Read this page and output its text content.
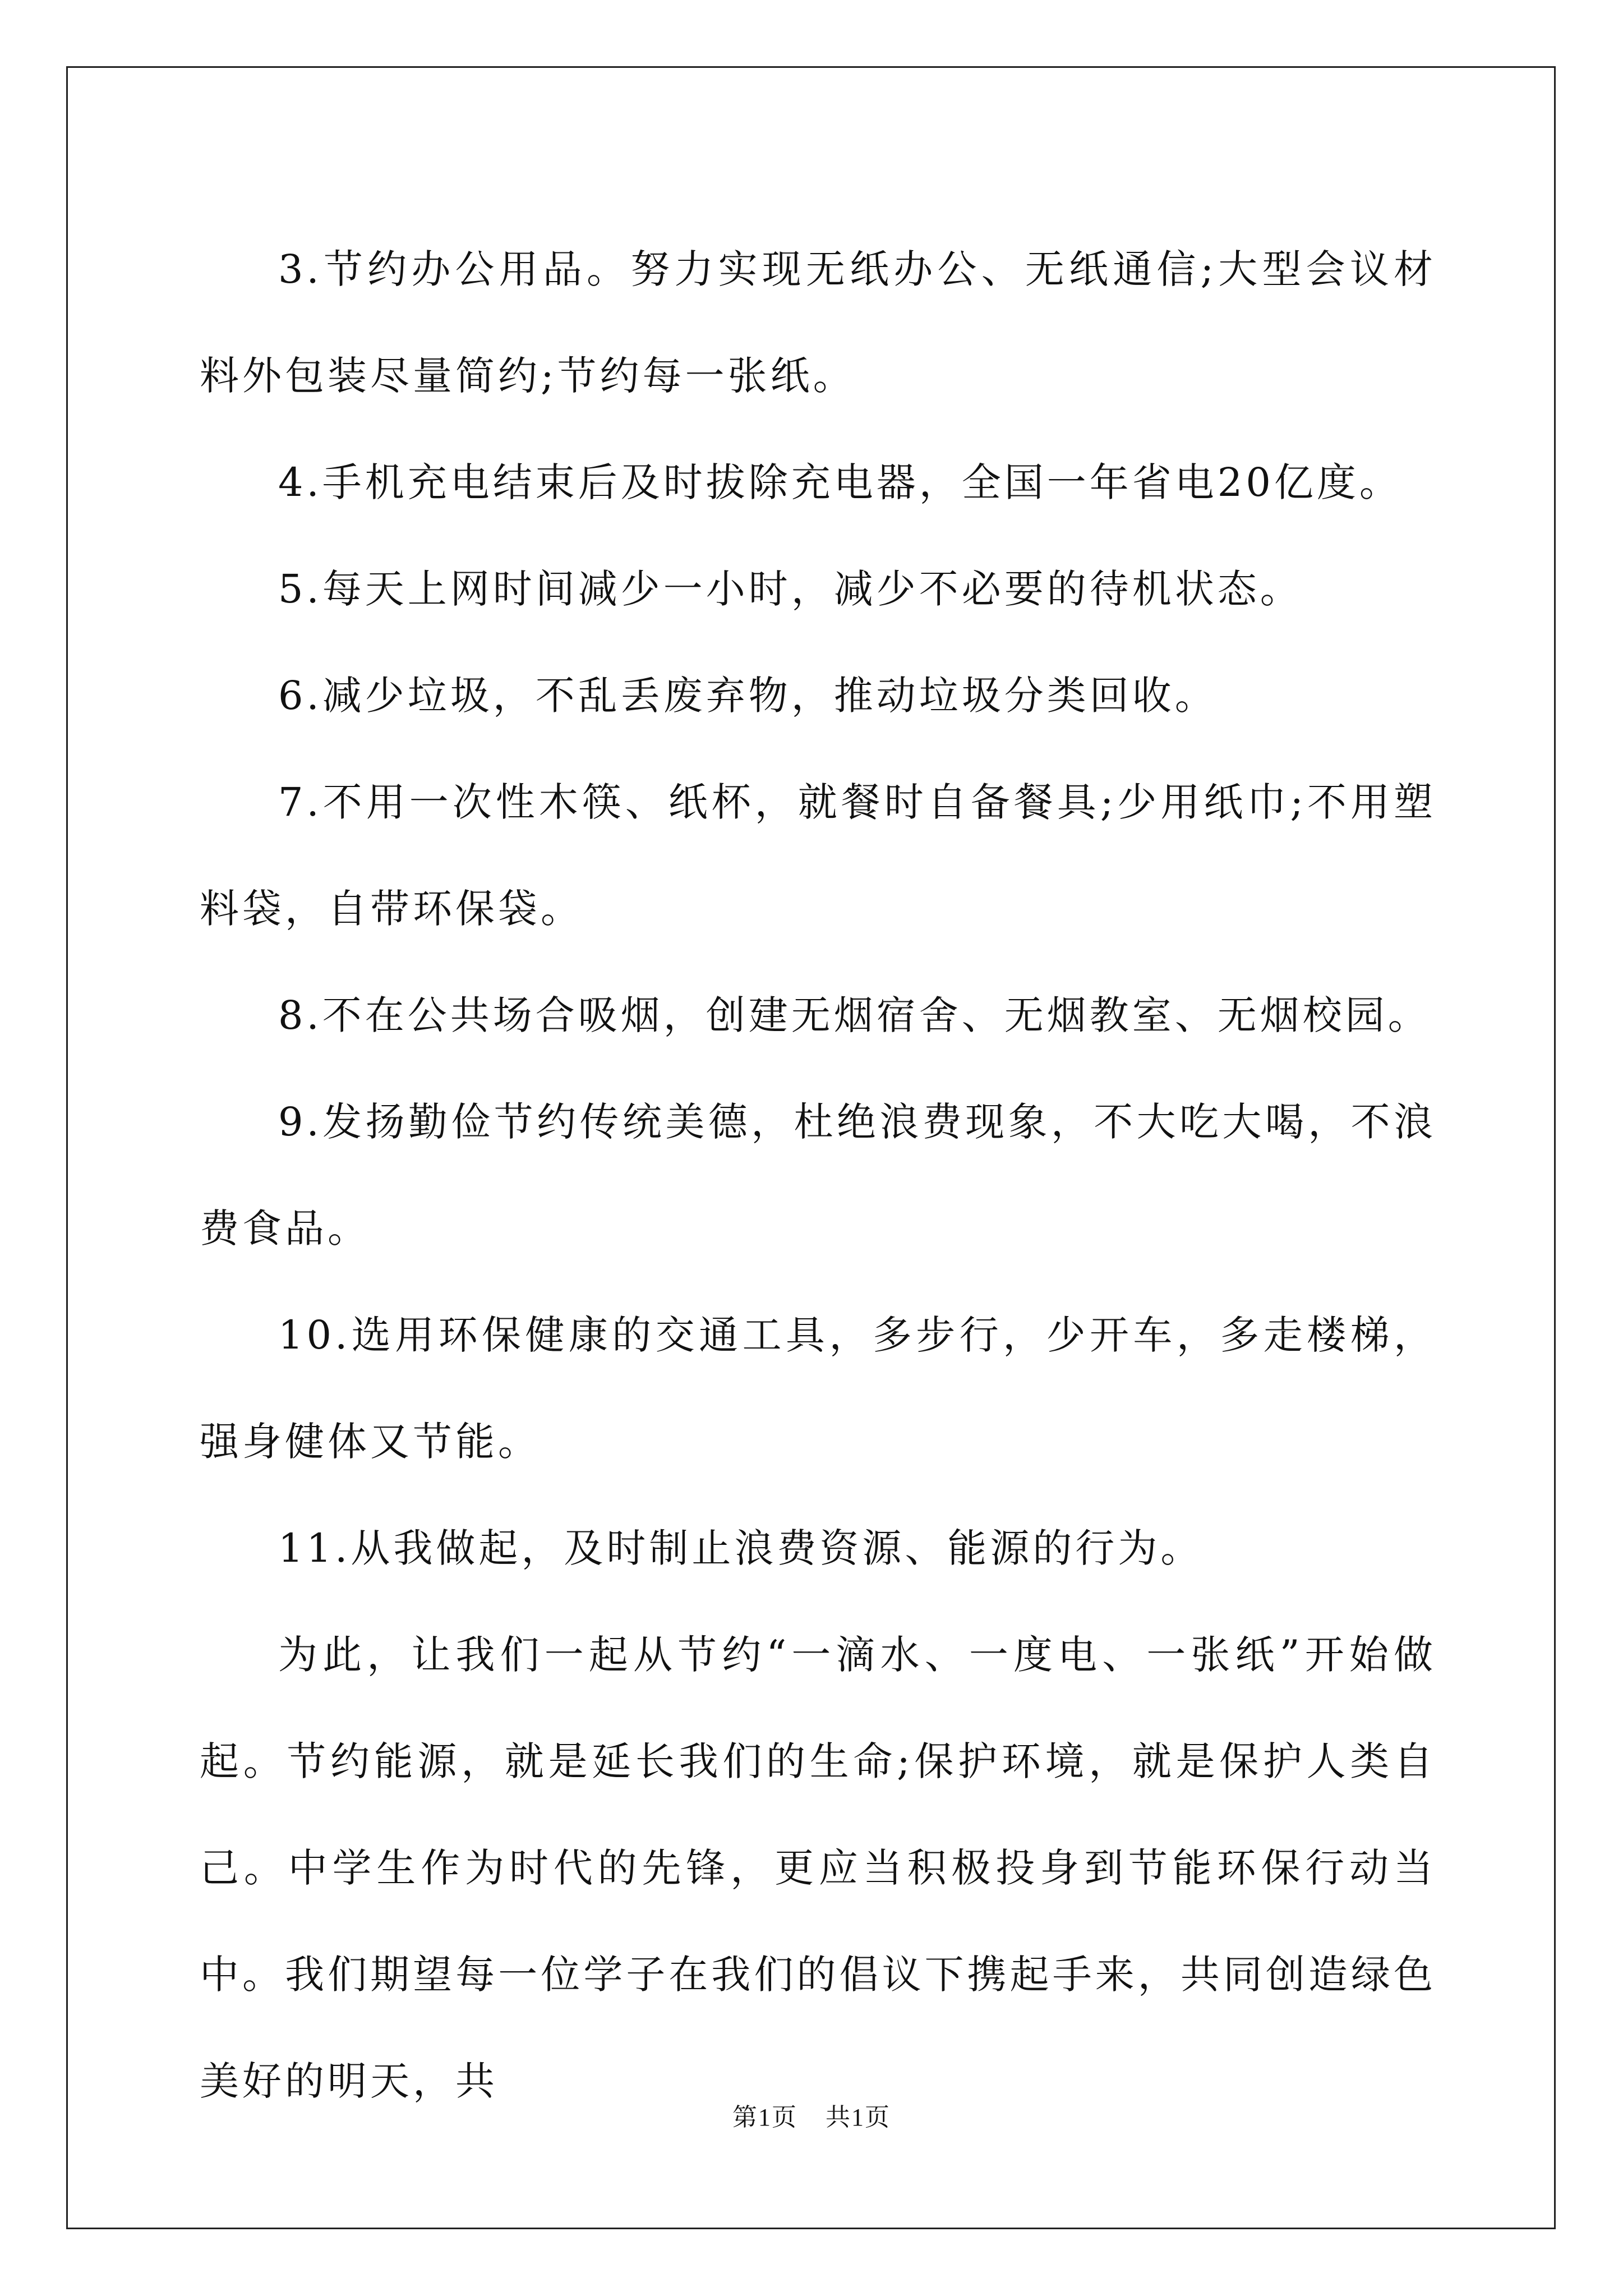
3.节约办公用品。努力实现无纸办公、无纸通信;大型会议材料外包装尽量简约;节约每一张纸。

4.手机充电结束后及时拔除充电器，全国一年省电20亿度。

5.每天上网时间减少一小时，减少不必要的待机状态。

6.减少垃圾，不乱丢废弃物，推动垃圾分类回收。

7.不用一次性木筷、纸杯，就餐时自备餐具;少用纸巾;不用塑料袋，自带环保袋。

8.不在公共场合吸烟，创建无烟宿舍、无烟教室、无烟校园。

9.发扬勤俭节约传统美德，杜绝浪费现象，不大吃大喝，不浪费食品。

10.选用环保健康的交通工具，多步行，少开车，多走楼梯，强身健体又节能。

11.从我做起，及时制止浪费资源、能源的行为。

为此，让我们一起从节约“一滴水、一度电、一张纸”开始做起。节约能源，就是延长我们的生命;保护环境，就是保护人类自己。中学生作为时代的先锋，更应当积极投身到节能环保行动当中。我们期望每一位学子在我们的倡议下携起手来，共同创造绿色美好的明天，共

第1页 共1页
